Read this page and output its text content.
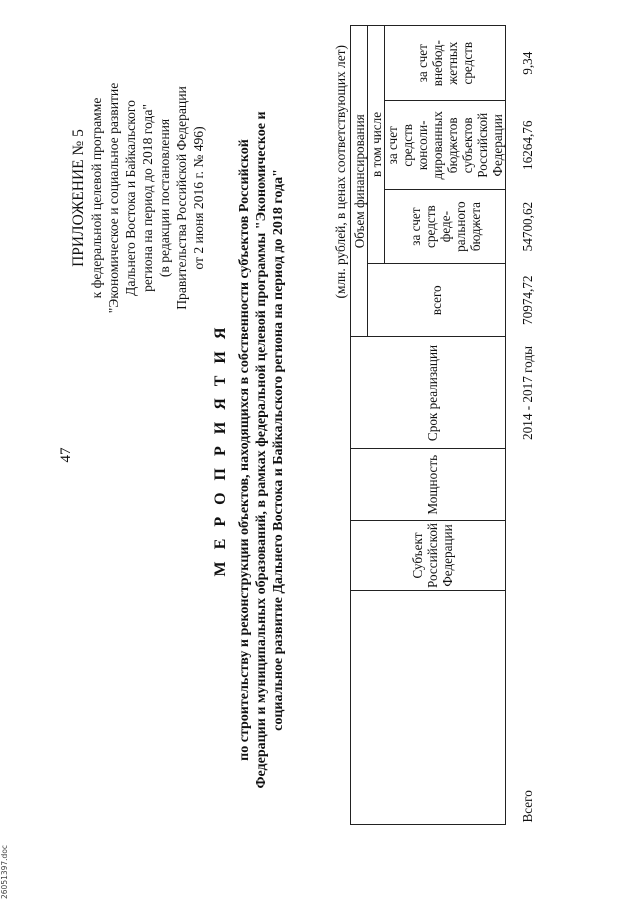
47
ПРИЛОЖЕНИЕ № 5 к федеральной целевой программе "Экономическое и социальное развитие Дальнего Востока и Байкальского региона на период до 2018 года" (в редакции постановления Правительства Российской Федерации от 2 июня 2016 г. № 496)
М Е Р О П Р И Я Т И Я по строительству и реконструкции объектов, находящихся в собственности субъектов Российской Федерации и муниципальных образований, в рамках федеральной целевой программы "Экономическое и социальное развитие Дальнего Востока и Байкальского региона на период до 2018 года"	(млн. рублей, в ценах соответствующих лет)
				Объем финансирования			
	Субъект Российской Федерации	Мощность	Срок реализации				
				всего	в том числе		
					за счет средств феде- рального бюджета	за счет средств консоли- дированных бюджетов субъектов Российской Федерации	за счет внебюд- жетных средств
Всего			2014 - 2017 годы	70974,72	54700,62	16264,76	9,34
26051397.doc
